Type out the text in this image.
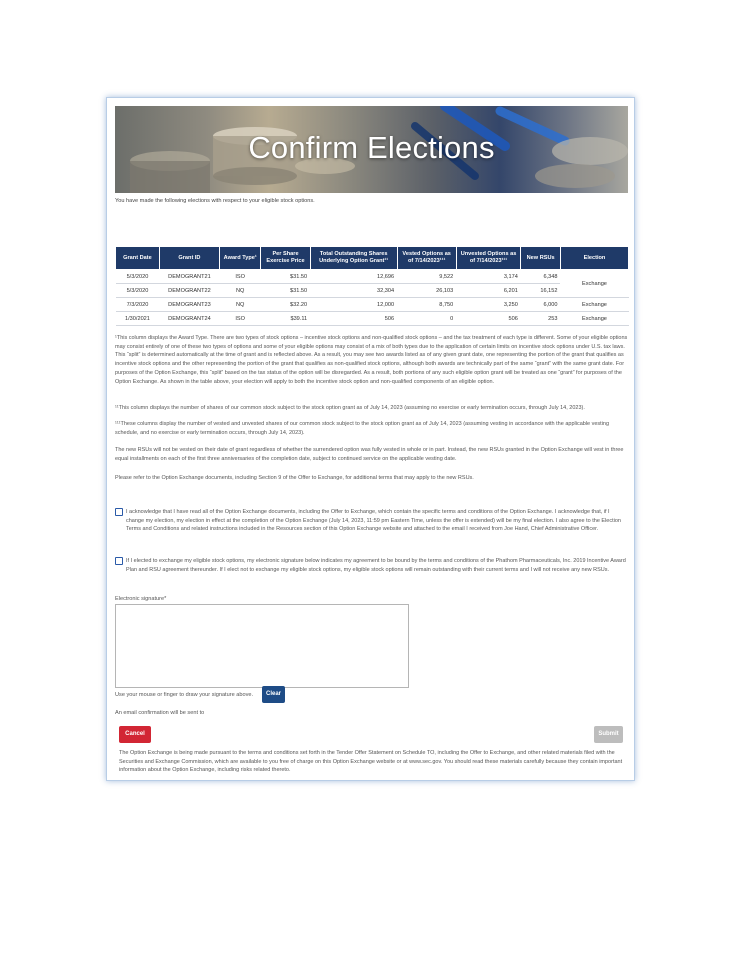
Confirm Elections
You have made the following elections with respect to your eligible stock options.
Grant Date	Grant ID	Award Type¹	Per Share Exercise Price	Total Outstanding Shares Underlying Option Grant¹¹	Vested Options as of 7/14/2023¹¹¹	Unvested Options as of 7/14/2023¹¹¹	New RSUs	Election
5/3/2020	DEMOGRANT21	ISO	$31.50	12,696	9,522	3,174	6,348	Exchange
5/3/2020	DEMOGRANT22	NQ	$31.50	32,304	26,103	6,201	16,152	
7/3/2020	DEMOGRANT23	NQ	$32.20	12,000	8,750	3,250	6,000	Exchange
1/30/2021	DEMOGRANT24	ISO	$39.11	506	0	506	253	Exchange

¹This column displays the Award Type. There are two types of stock options – incentive stock options and non-qualified stock options – and the tax treatment of each type is different. Some of your eligible options may consist entirely of one of these two types of options and some of your eligible options may consist of a mix of both types due to the application of certain limits on incentive stock options under U.S. tax laws. This “split” is determined automatically at the time of grant and is reflected above. As a result, you may see two awards listed as of any given grant date, one representing the portion of the grant that qualifies as incentive stock options and the other representing the portion of the grant that qualifies as non-qualified stock options, although both awards are technically part of the same “grant” with the same grant date. For purposes of the Option Exchange, this “split” based on the tax status of the option will be disregarded. As a result, both portions of any such eligible option grant will be treated as one “grant” for purposes of the Option Exchange. As shown in the table above, your election will apply to both the incentive stock option and non-qualified components of an eligible option.

¹¹This column displays the number of shares of our common stock subject to the stock option grant as of July 14, 2023 (assuming no exercise or early termination occurs, through July 14, 2023).

¹¹¹These columns display the number of vested and unvested shares of our common stock subject to the stock option grant as of July 14, 2023 (assuming vesting in accordance with the applicable vesting schedule, and no exercise or early termination occurs, through July 14, 2023).

The new RSUs will not be vested on their date of grant regardless of whether the surrendered option was fully vested in whole or in part. Instead, the new RSUs granted in the Option Exchange will vest in three equal installments on each of the first three anniversaries of the completion date, subject to continued service on the applicable vesting date.

Please refer to the Option Exchange documents, including Section 9 of the Offer to Exchange, for additional terms that may apply to the new RSUs.

I acknowledge that I have read all of the Option Exchange documents, including the Offer to Exchange, which contain the specific terms and conditions of the Option Exchange. I acknowledge that, if I change my election, my election in effect at the completion of the Option Exchange (July 14, 2023, 11:59 pm Eastern Time, unless the offer is extended) will be my final election. I also agree to the Election Terms and Conditions and related instructions included in the Resources section of this Option Exchange website and attached to the email I received from Joe Hand, Chief Administrative Officer.
If I elected to exchange my eligible stock options, my electronic signature below indicates my agreement to be bound by the terms and conditions of the Phathom Pharmaceuticals, Inc. 2019 Incentive Award Plan and RSU agreement thereunder. If I elect not to exchange my eligible stock options, my eligible stock options will remain outstanding with their current terms and I will not receive any new RSUs.
Electronic signature*
Use your mouse or finger to draw your signature above.	Clear
An email confirmation will be sent to
Cancel	Submit

The Option Exchange is being made pursuant to the terms and conditions set forth in the Tender Offer Statement on Schedule TO, including the Offer to Exchange, and other related materials filed with the Securities and Exchange Commission, which are available to you free of charge on this Option Exchange website or at www.sec.gov. You should read these materials carefully because they contain important information about the Option Exchange, including risks related thereto.
